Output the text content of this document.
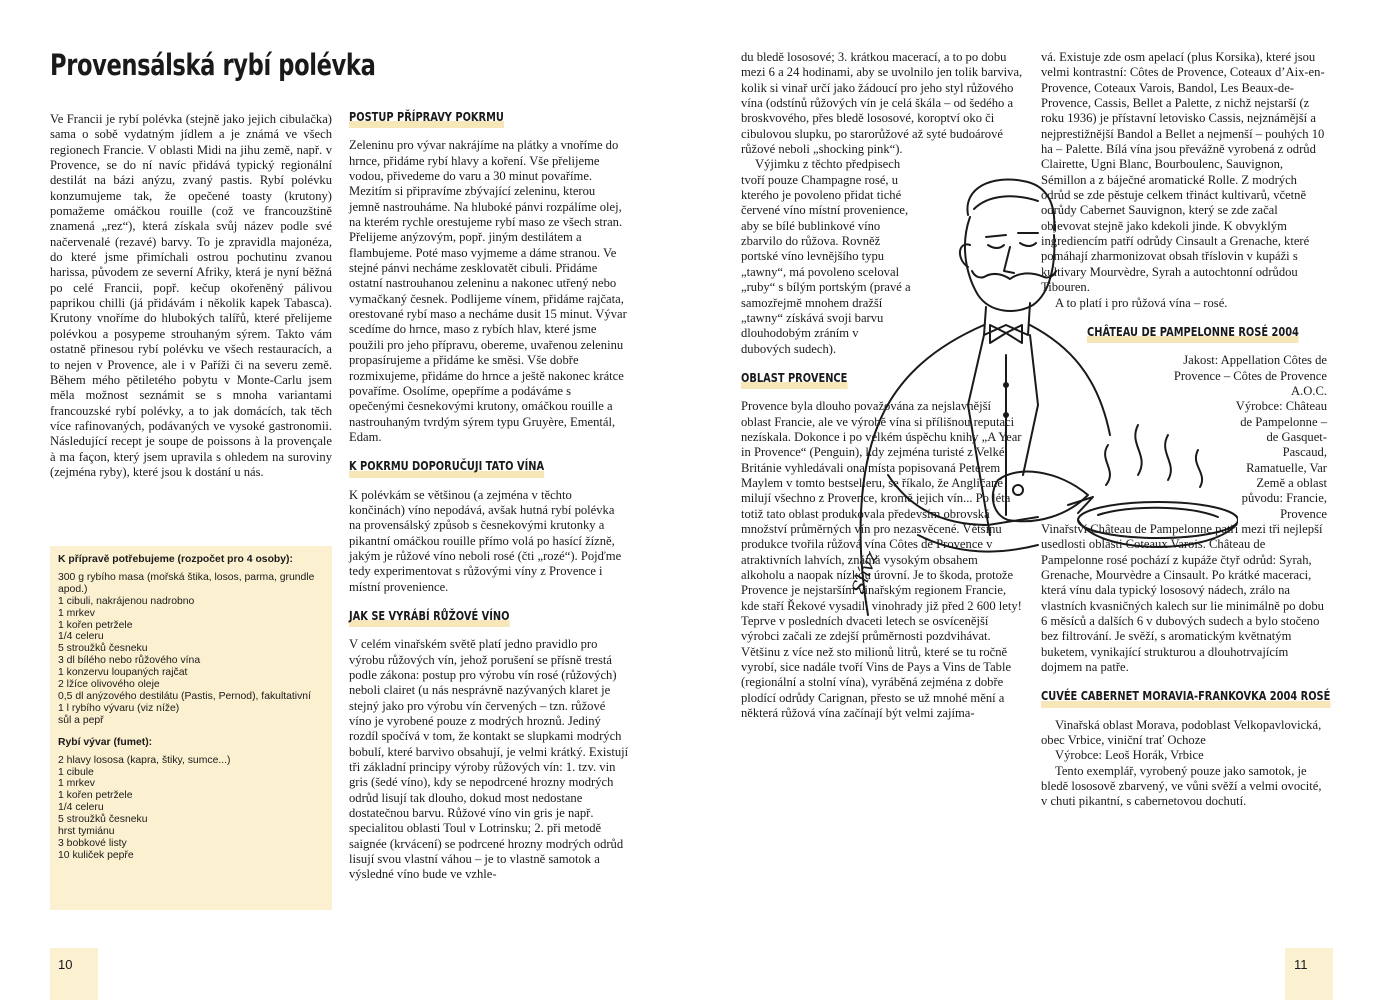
Provensálská rybí polévka

Ve Francii je rybí polévka (stejně jako jejich cibulačka) sama o sobě vydatným jídlem a je známá ve všech regionech Francie. V oblasti Midi na jihu země, např. v Provence, se do ní navíc přidává typický regionální destilát na bázi anýzu, zvaný pastis. Rybí polévku konzumujeme tak, že opečené toasty (krutony) pomažeme omáčkou rouille (což ve francouzštině znamená „rez“), která získala svůj název podle své načervenalé (rezavé) barvy. To je zpravidla majonéza, do které jsme přimíchali ostrou pochutinu zvanou harissa, původem ze severní Afriky, která je nyní běžná po celé Francii, popř. kečup okořeněný pálivou paprikou chilli (já přidávám i několik kapek Tabasca). Krutony vnoříme do hlubokých talířů, které přelijeme polévkou a posypeme strouhaným sýrem. Takto vám ostatně přinesou rybí polévku ve všech restauracích, a to nejen v Provence, ale i v Paříži či na severu země. Během mého pětiletého pobytu v Monte-Carlu jsem měla možnost seznámit se s mnoha variantami francouzské rybí polévky, a to jak domácích, tak těch více rafinovaných, podávaných ve vysoké gastronomii. Následující recept je soupe de poissons à la provençale à ma façon, který jsem upravila s ohledem na suroviny (zejména ryby), které jsou k dostání u nás.

K přípravě potřebujeme (rozpočet pro 4 osoby):
300 g rybího masa (mořská štika, losos, parma, grundle apod.)
1 cibuli, nakrájenou nadrobno
1 mrkev
1 kořen petržele
1/4 celeru
5 stroužků česneku
3 dl bílého nebo růžového vína
1 konzervu loupaných rajčat
2 lžíce olivového oleje
0,5 dl anýzového destilátu (Pastis, Pernod), fakultativní
1 l rybího vývaru (viz níže)
sůl a pepř
Rybí vývar (fumet):
2 hlavy lososa (kapra, štiky, sumce...)
1 cibule
1 mrkev
1 kořen petržele
1/4 celeru
5 stroužků česneku
hrst tymiánu
3 bobkové listy
10 kuliček pepře
POSTUP PŘÍPRAVY POKRMU

Zeleninu pro vývar nakrájíme na plátky a vnoříme do hrnce, přidáme rybí hlavy a koření. Vše přelijeme vodou, přivedeme do varu a 30 minut povaříme. Mezitím si připravíme zbývající zeleninu, kterou jemně nastrouháme. Na hluboké pánvi rozpálíme olej, na kterém rychle orestujeme rybí maso ze všech stran. Přelijeme anýzovým, popř. jiným destilátem a flambujeme. Poté maso vyjmeme a dáme stranou. Ve stejné pánvi necháme zesklovatět cibuli. Přidáme ostatní nastrouhanou zeleninu a nakonec utřený nebo vymačkaný česnek. Podlijeme vínem, přidáme rajčata, orestované rybí maso a necháme dusit 15 minut. Vývar scedíme do hrnce, maso z rybích hlav, které jsme použili pro jeho přípravu, obereme, uvařenou zeleninu propasírujeme a přidáme ke směsi. Vše dobře rozmixujeme, přidáme do hrnce a ještě nakonec krátce povaříme. Osolíme, opepříme a podáváme s opečenými česnekovými krutony, omáčkou rouille a nastrouhaným tvrdým sýrem typu Gruyère, Ementál, Edam.

K POKRMU DOPORUČUJI TATO VÍNA

K polévkám se většinou (a zejména v těchto končinách) víno nepodává, avšak hutná rybí polévka na provensálský způsob s česnekovými krutonky a pikantní omáčkou rouille přímo volá po hasící žízně, jakým je růžové víno neboli rosé (čti „rozé“). Pojďme tedy experimentovat s růžovými víny z Provence i místní provenience.

JAK SE VYRÁBÍ RŮŽOVÉ VÍNO

V celém vinařském světě platí jedno pravidlo pro výrobu růžových vín, jehož porušení se přísně trestá podle zákona: postup pro výrobu vín rosé (růžových) neboli clairet (u nás nesprávně nazývaných klaret je stejný jako pro výrobu vín červených – tzn. růžové víno je vyrobené pouze z modrých hroznů. Jediný rozdíl spočívá v tom, že kontakt se slupkami modrých bobulí, které barvivo obsahují, je velmi krátký. Existují tři základní principy výroby růžových vín: 1. tzv. vin gris (šedé víno), kdy se nepodrcené hrozny modrých odrůd lisují tak dlouho, dokud most nedostane dostatečnou barvu. Růžové víno vin gris je např. specialitou oblasti Toul v Lotrinsku; 2. při metodě saignée (krvácení) se podrcené hrozny modrých odrůd lisují svou vlastní váhou – je to vlastně samotok a výsledné víno bude ve vzhle-

10
Slívz

du bledě lososové; 3. krátkou macerací, a to po dobu mezi 6 a 24 hodinami, aby se uvolnilo jen tolik barviva, kolik si vinař určí jako žádoucí pro jeho styl růžového vína (odstínů růžových vín je celá škála – od šedého a broskvového, přes bledě lososové, koroptví oko či cibulovou slupku, po starorůžové až syté budoárové růžové neboli „shocking pink“).

Výjimku z těchto předpisech tvoří pouze Champagne rosé, u kterého je povoleno přidat tiché červené víno místní provenience, aby se bílé bublinkové víno zbarvilo do růžova. Rovněž portské víno levnějšího typu „tawny“, má povoleno sceloval „ruby“ s bílým portským (pravé a samozřejmě mnohem dražší „tawny“ získává svoji barvu dlouhodobým zráním v dubových sudech).

OBLAST PROVENCE

Provence byla dlouho považována za nejslavnější oblast Francie, ale ve výrobě vína si přílišnou reputaci nezískala. Dokonce i po velkém úspěchu knihy „A Year in Provence“ (Penguin), kdy zejména turisté z Velké Británie vyhledávali ona místa popisovaná Peterem Maylem v tomto bestselleru, se říkalo, že Angličané milují všechno z Provence, kromě jejich vín... Po léta totiž tato oblast produkovala především obrovská množství průměrných vín pro nezasvěcené. Většinu produkce tvořila růžová vína Côtes de Provence v atraktivních lahvích, známá vysokým obsahem alkoholu a naopak nízkou úrovní. Je to škoda, protože Provence je nejstarším vinařským regionem Francie, kde staří Řekové vysadili vinohrady již před 2 600 lety! Teprve v posledních dvaceti letech se osvícenější výrobci začali ze zdejší průměrnosti pozdvihávat. Většinu z více než sto milionů litrů, které se tu ročně vyrobí, sice nadále tvoří Vins de Pays a Vins de Table (regionální a stolní vína), vyráběná zejména z dobře plodící odrůdy Carignan, přesto se už mnohé mění a některá růžová vína začínají být velmi zajíma-

vá. Existuje zde osm apelací (plus Korsika), které jsou velmi kontrastní: Côtes de Provence, Coteaux d’Aix-en-Provence, Coteaux Varois, Bandol, Les Beaux-de-Provence, Cassis, Bellet a Palette, z nichž nejstarší (z roku 1936) je přístavní letovisko Cassis, nejznámější a nejprestižnější Bandol a Bellet a nejmenší – pouhých 10 ha – Palette. Bílá vína jsou převážně vyrobená z odrůd Clairette, Ugni Blanc, Bourboulenc, Sauvignon, Sémillon a z báječné aromatické Rolle. Z modrých odrůd se zde pěstuje celkem třináct kultivarů, včetně odrůdy Cabernet Sauvignon, který se zde začal objevovat stejně jako kdekoli jinde. K obvyklým ingrediencím patří odrůdy Cinsault a Grenache, které pomáhají zharmonizovat obsah tříslovin v kupáži s kultivary Mourvèdre, Syrah a autochtonní odrůdou Tibouren.

A to platí i pro růžová vína – rosé.

CHÂTEAU DE PAMPELONNE ROSÉ 2004

Jakost: Appellation Côtes de Provence – Côtes de Provence A.O.C.

Výrobce: Château de Pampelonne – de Gasquet-Pascaud, Ramatuelle, Var

Země a oblast původu: Francie, Provence

Vinařství Château de Pampelonne patří mezi tři nejlepší usedlosti oblasti Coteaux Varois. Château de Pampelonne rosé pochází z kupáže čtyř odrůd: Syrah, Grenache, Mourvèdre a Cinsault. Po krátké maceraci, která vínu dala typický lososový nádech, zrálo na vlastních kvasničných kalech sur lie minimálně po dobu 6 měsíců a dalších 6 v dubových sudech a bylo stočeno bez filtrování. Je svěží, s aromatickým květnatým buketem, vynikající strukturou a dlouhotrvajícím dojmem na patře.

CUVÉE CABERNET MORAVIA-FRANKOVKA 2004 ROSÉ

Vinařská oblast Morava, podoblast Velkopavlovická, obec Vrbice, viniční trať Ochoze

Výrobce: Leoš Horák, Vrbice

Tento exemplář, vyrobený pouze jako samotok, je bledě lososově zbarvený, ve vůni svěží a velmi ovocité, v chuti pikantní, s cabernetovou dochutí.

11
